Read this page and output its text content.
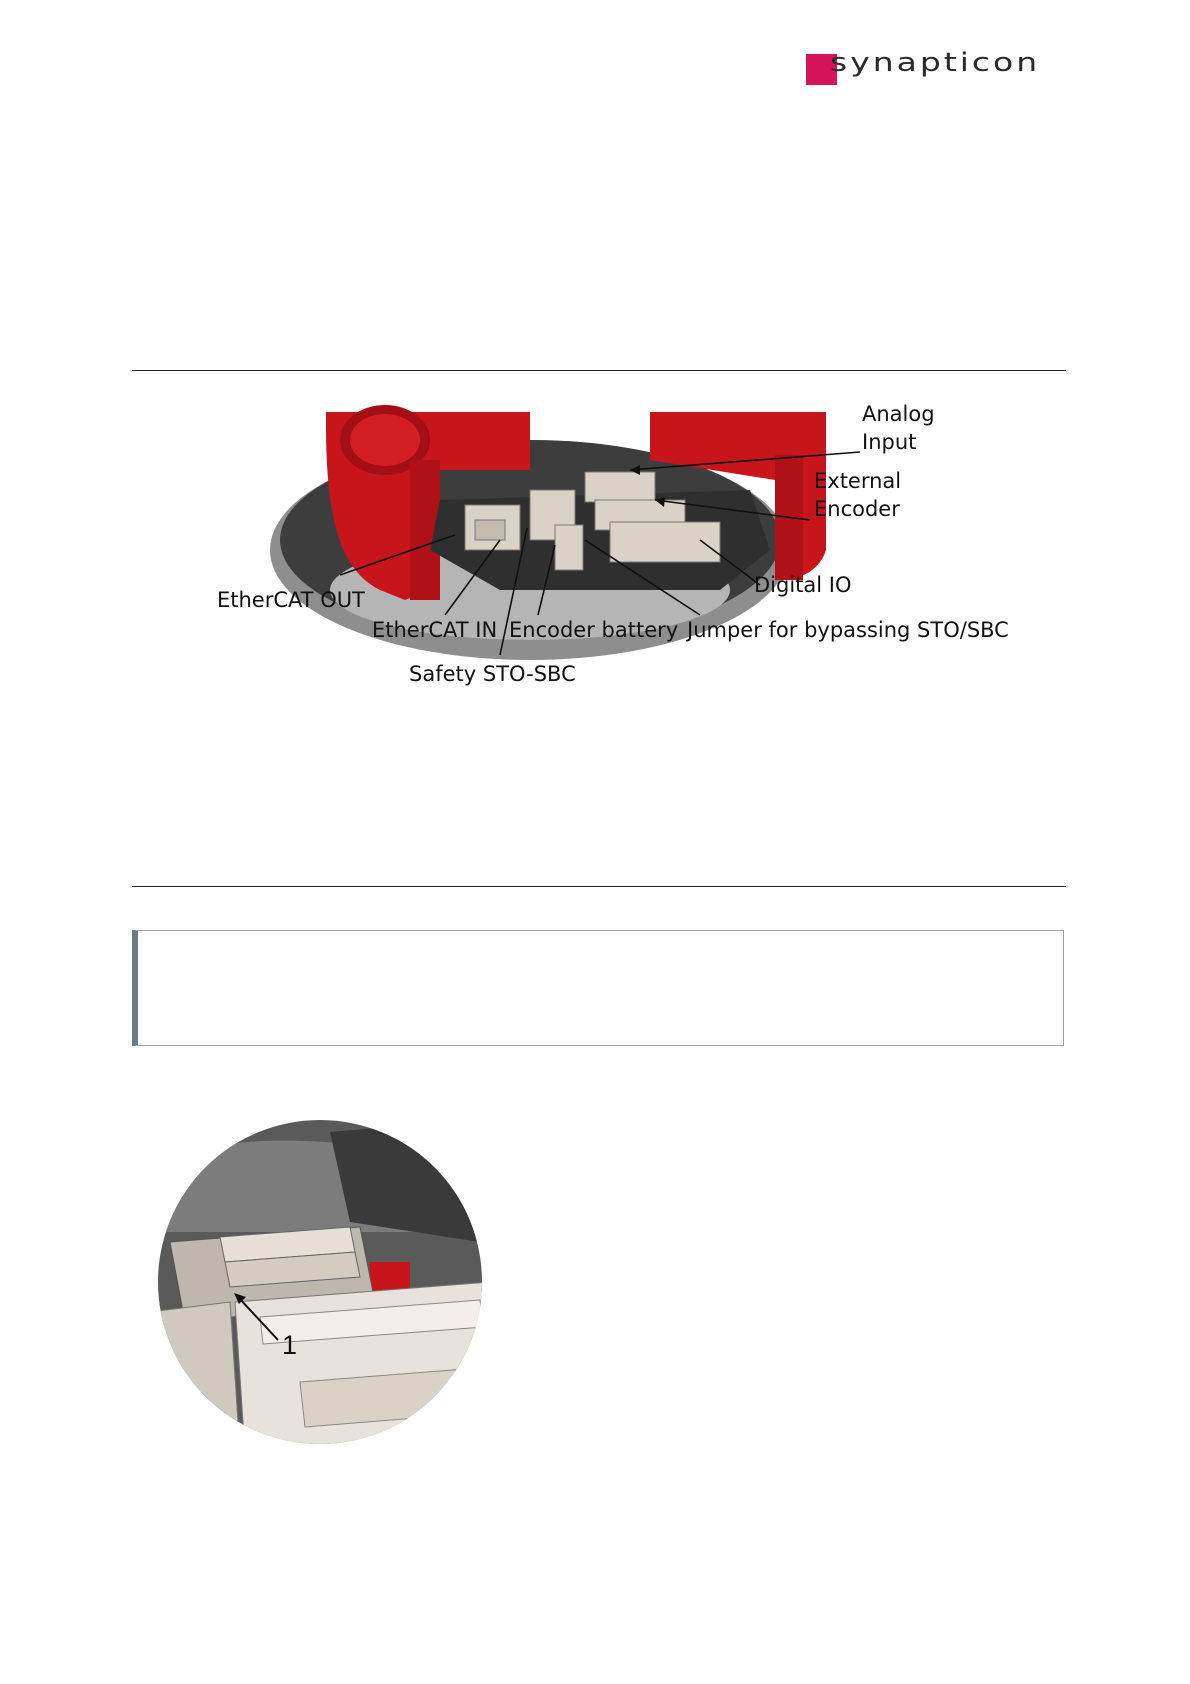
synapticon
Analog
Input
External
Encoder
Digital IO
EtherCAT OUT
EtherCAT IN Encoder battery Jumper for bypassing STO/SBC
Safety STO-SBC
1
